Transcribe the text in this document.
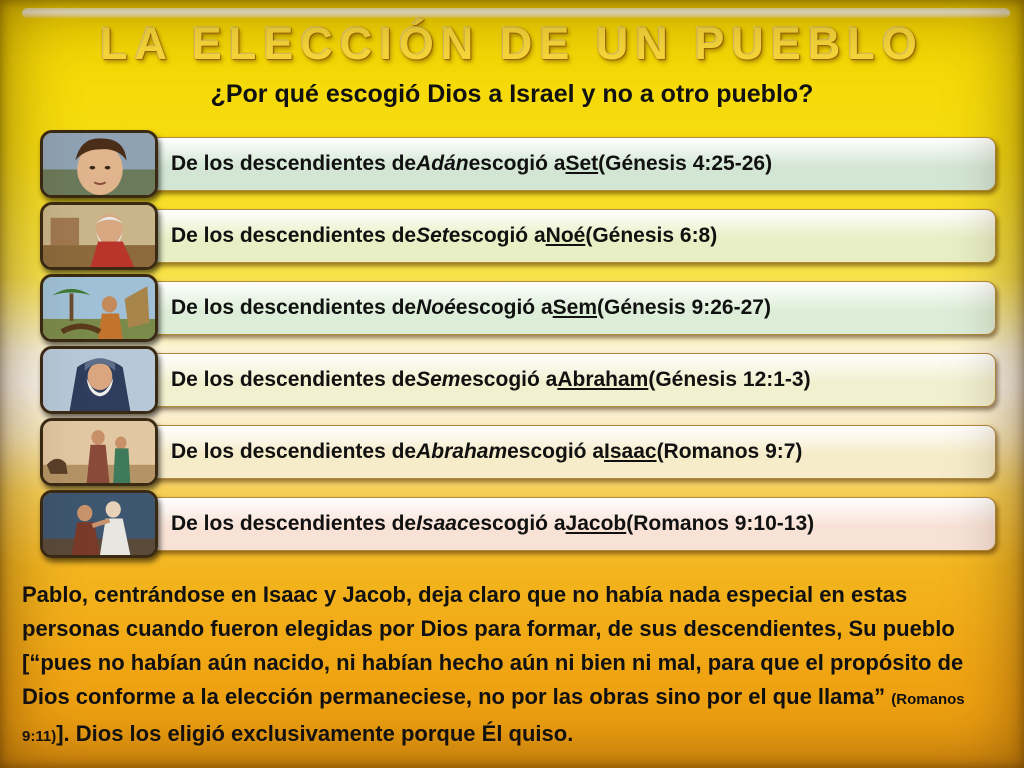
LA ELECCIÓN DE UN PUEBLO
¿Por qué escogió Dios a Israel y no a otro pueblo?
De los descendientes de Adán escogió a Set (Génesis 4:25-26)
De los descendientes de Set escogió a Noé (Génesis 6:8)
De los descendientes de Noé escogió a Sem (Génesis 9:26-27)
De los descendientes de Sem escogió a Abraham (Génesis 12:1-3)
De los descendientes de Abraham escogió a Isaac (Romanos 9:7)
De los descendientes de Isaac escogió a Jacob (Romanos 9:10-13)

Pablo, centrándose en Isaac y Jacob, deja claro que no había nada especial en estas personas cuando fueron elegidas por Dios para formar, de sus descendientes, Su pueblo [“pues no habían aún nacido, ni habían hecho aún ni bien ni mal, para que el propósito de Dios conforme a la elección permaneciese, no por las obras sino por el que llama” (Romanos 9:11)]. Dios los eligió exclusivamente porque Él quiso.
